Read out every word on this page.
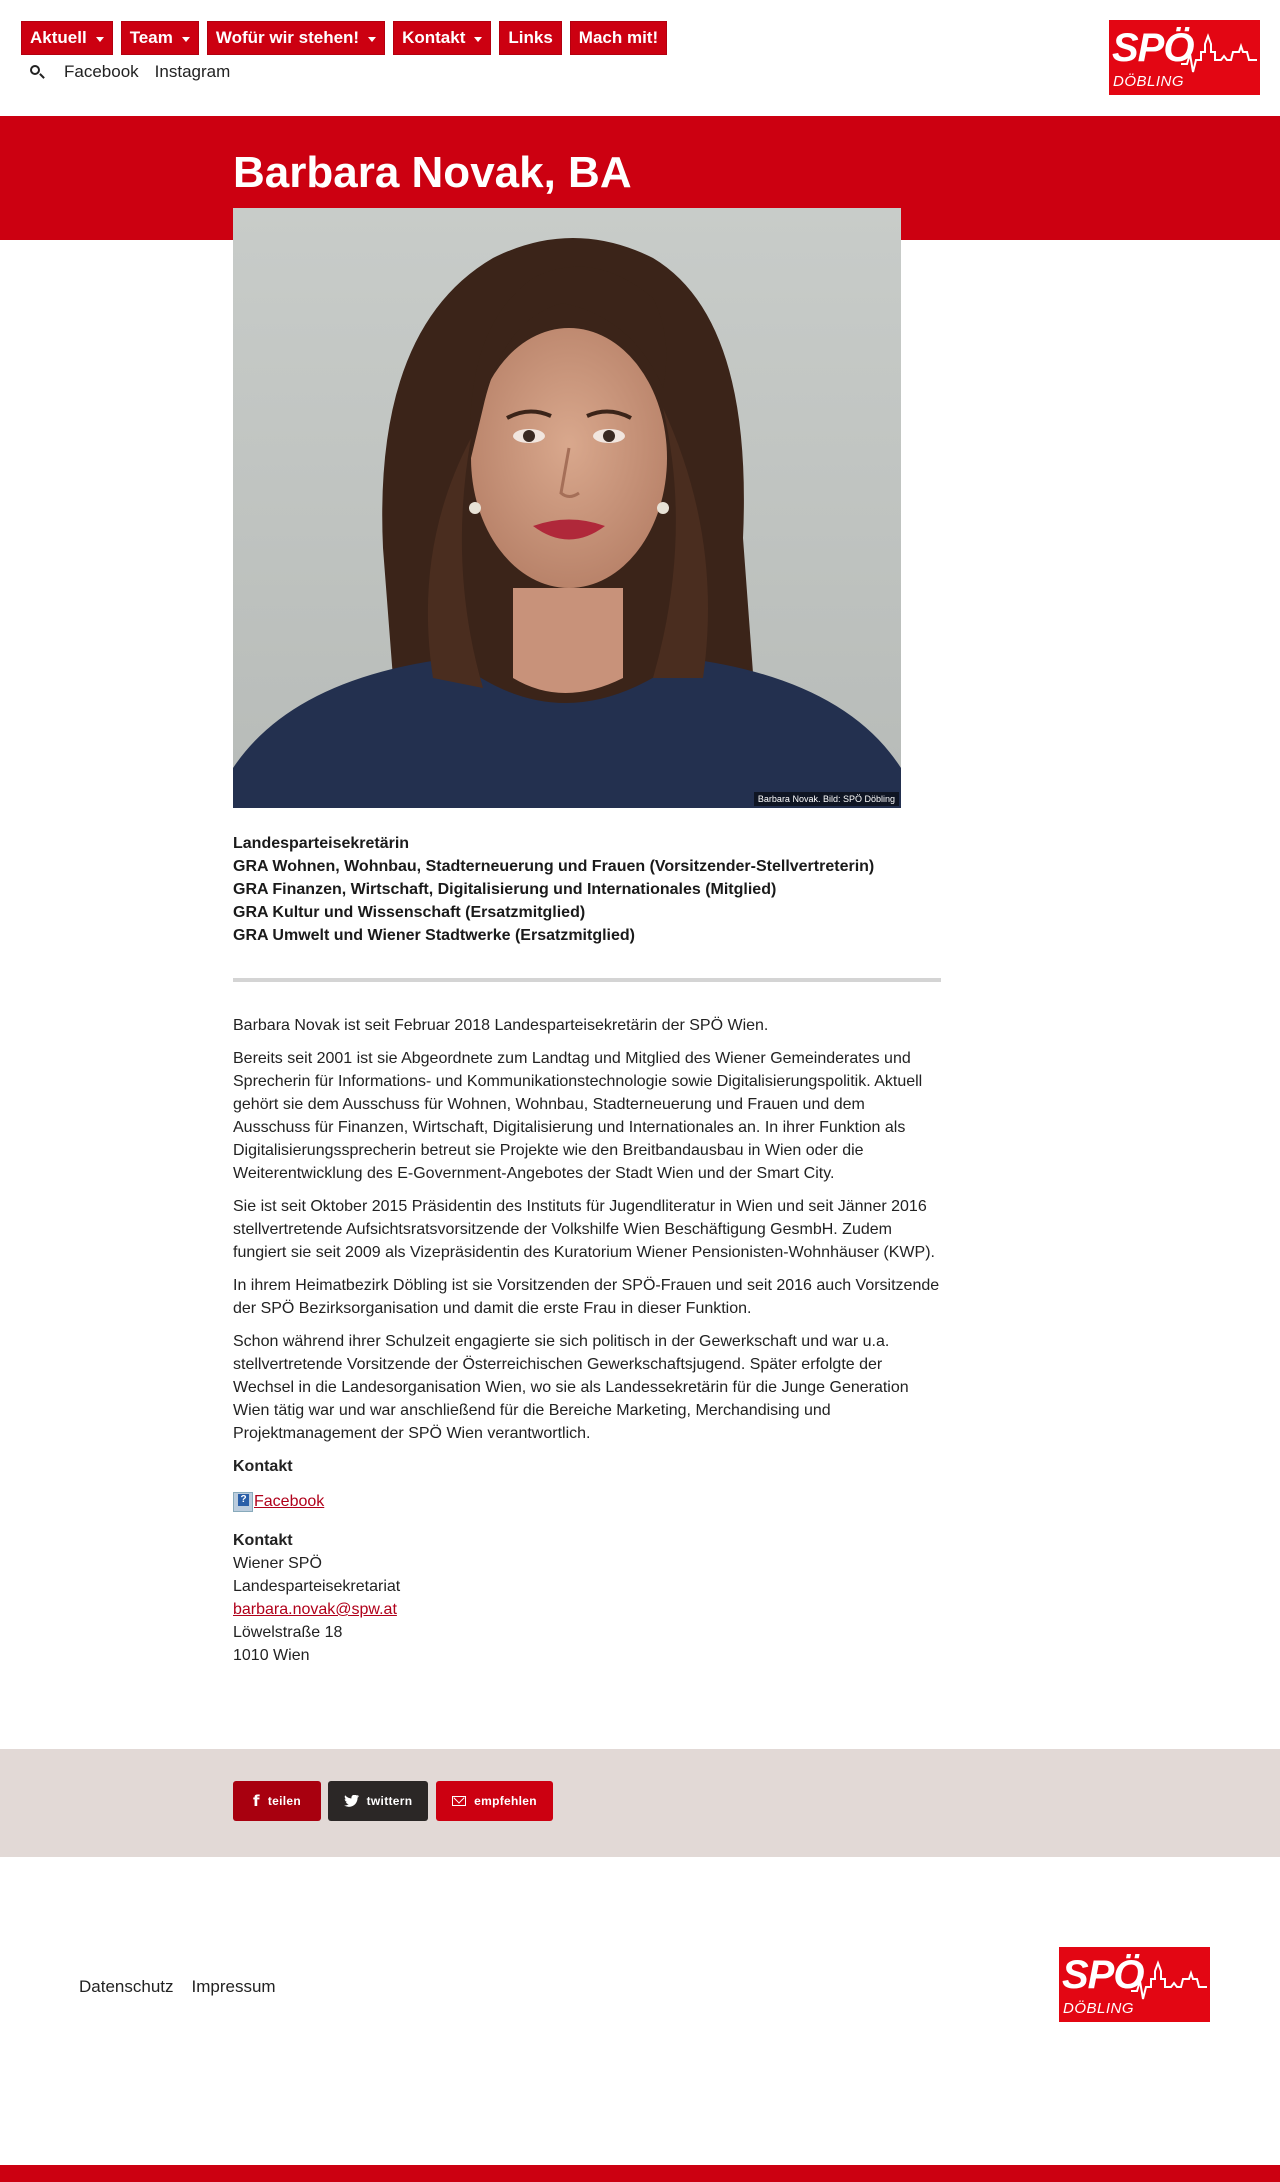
Aktuell	Team	Wofür wir stehen!	Kontakt	Links Mach mit!
Facebook Instagram
SPÖ
DÖBLING
Barbara Novak, BA
Barbara Novak. Bild: SPÖ Döbling
Landesparteisekretärin
GRA Wohnen, Wohnbau, Stadterneuerung und Frauen (Vorsitzender-Stellvertreterin)
GRA Finanzen, Wirtschaft, Digitalisierung und Internationales (Mitglied)
GRA Kultur und Wissenschaft (Ersatzmitglied)
GRA Umwelt und Wiener Stadtwerke (Ersatzmitglied)

Barbara Novak ist seit Februar 2018 Landesparteisekretärin der SPÖ Wien.

Bereits seit 2001 ist sie Abgeordnete zum Landtag und Mitglied des Wiener Gemeinderates und Sprecherin für Informations- und Kommunikationstechnologie sowie Digitalisierungspolitik. Aktuell gehört sie dem Ausschuss für Wohnen, Wohnbau, Stadterneuerung und Frauen und dem Ausschuss für Finanzen, Wirtschaft, Digitalisierung und Internationales an. In ihrer Funktion als Digitalisierungssprecherin betreut sie Projekte wie den Breitbandausbau in Wien oder die Weiterentwicklung des E-Government-Angebotes der Stadt Wien und der Smart City.

Sie ist seit Oktober 2015 Präsidentin des Instituts für Jugendliteratur in Wien und seit Jänner 2016 stellvertretende Aufsichtsratsvorsitzende der Volkshilfe Wien Beschäftigung GesmbH. Zudem fungiert sie seit 2009 als Vizepräsidentin des Kuratorium Wiener Pensionisten-Wohnhäuser (KWP).

In ihrem Heimatbezirk Döbling ist sie Vorsitzenden der SPÖ-Frauen und seit 2016 auch Vorsitzende der SPÖ Bezirksorganisation und damit die erste Frau in dieser Funktion.

Schon während ihrer Schulzeit engagierte sie sich politisch in der Gewerkschaft und war u.a. stellvertretende Vorsitzende der Österreichischen Gewerkschaftsjugend. Später erfolgte der Wechsel in die Landesorganisation Wien, wo sie als Landessekretärin für die Junge Generation Wien tätig war und war anschließend für die Bereiche Marketing, Merchandising und Projektmanagement der SPÖ Wien verantwortlich.

Kontakt
?
Facebook
Kontakt
Wiener SPÖ
Landesparteisekretariat
barbara.novak@spw.at
Löwelstraße 18
1010 Wien
f teilen	twittern	empfehlen
Datenschutz Impressum	SPÖ
DÖBLING
